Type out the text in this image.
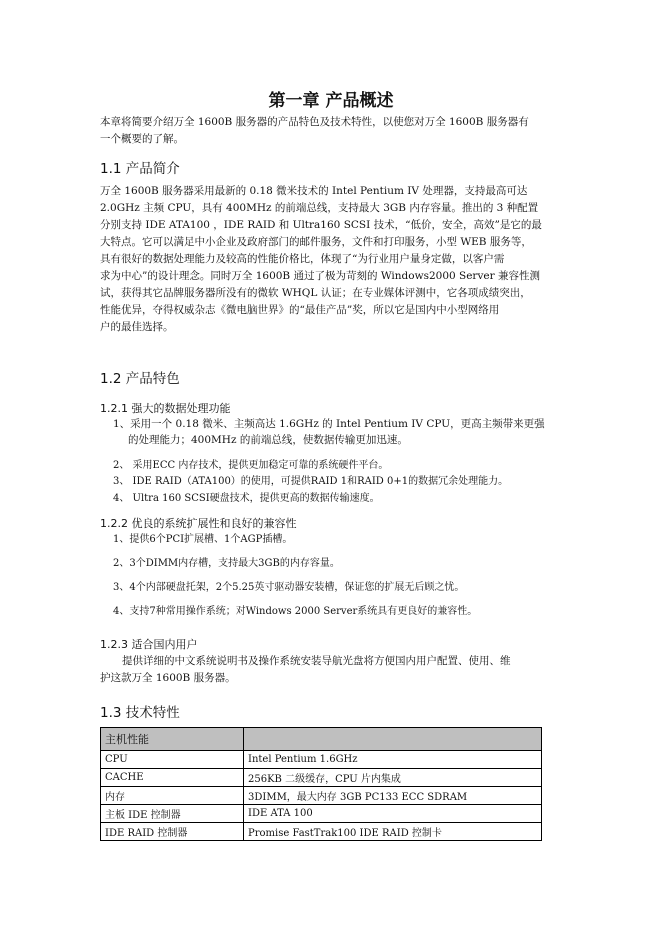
第一章 产品概述
本章将简要介绍万全 1600B 服务器的产品特色及技术特性，以使您对万全 1600B 服务器有
一个概要的了解。
1.1 产品简介
万全 1600B 服务器采用最新的 0.18 微米技术的 Intel Pentium IV 处理器，支持最高可达
2.0GHz 主频 CPU，具有 400MHz 的前端总线，支持最大 3GB 内存容量。推出的 3 种配置
分别支持 IDE ATA100 ，IDE RAID 和 Ultra160 SCSI 技术，“低价，安全，高效”是它的最
大特点。它可以满足中小企业及政府部门的邮件服务，文件和打印服务，小型 WEB 服务等，
具有很好的数据处理能力及较高的性能价格比，体现了“为行业用户量身定做，以客户需
求为中心”的设计理念。同时万全 1600B 通过了极为苛刻的 Windows2000 Server 兼容性测
试，获得其它品牌服务器所没有的微软 WHQL 认证；在专业媒体评测中，它各项成绩突出，
性能优异，夺得权威杂志《微电脑世界》的“最佳产品”奖，所以它是国内中小型网络用
户的最佳选择。
1.2 产品特色
1.2.1 强大的数据处理功能
1、采用一个 0.18 微米、主频高达 1.6GHz 的 Intel Pentium IV CPU，更高主频带来更强
的处理能力；400MHz 的前端总线，使数据传输更加迅速。
2、 采用ECC 内存技术，提供更加稳定可靠的系统硬件平台。
3、 IDE RAID（ATA100）的使用，可提供RAID 1和RAID 0+1的数据冗余处理能力。
4、 Ultra 160 SCSI硬盘技术，提供更高的数据传输速度。
1.2.2 优良的系统扩展性和良好的兼容性
1、提供6个PCI扩展槽、1个AGP插槽。
2、3个DIMM内存槽，支持最大3GB的内存容量。
3、4个内部硬盘托架，2个5.25英寸驱动器安装槽，保证您的扩展无后顾之忧。
4、支持7种常用操作系统；对Windows 2000 Server系统具有更良好的兼容性。
1.2.3 适合国内用户
提供详细的中文系统说明书及操作系统安装导航光盘将方便国内用户配置、使用、维
护这款万全 1600B 服务器。
1.3 技术特性
主机性能	
CPU	Intel Pentium 1.6GHz
CACHE	256KB 二级缓存，CPU 片内集成
内存	3DIMM，最大内存 3GB PC133 ECC SDRAM
主板 IDE 控制器	IDE ATA 100
IDE RAID 控制器	Promise FastTrak100 IDE RAID 控制卡
